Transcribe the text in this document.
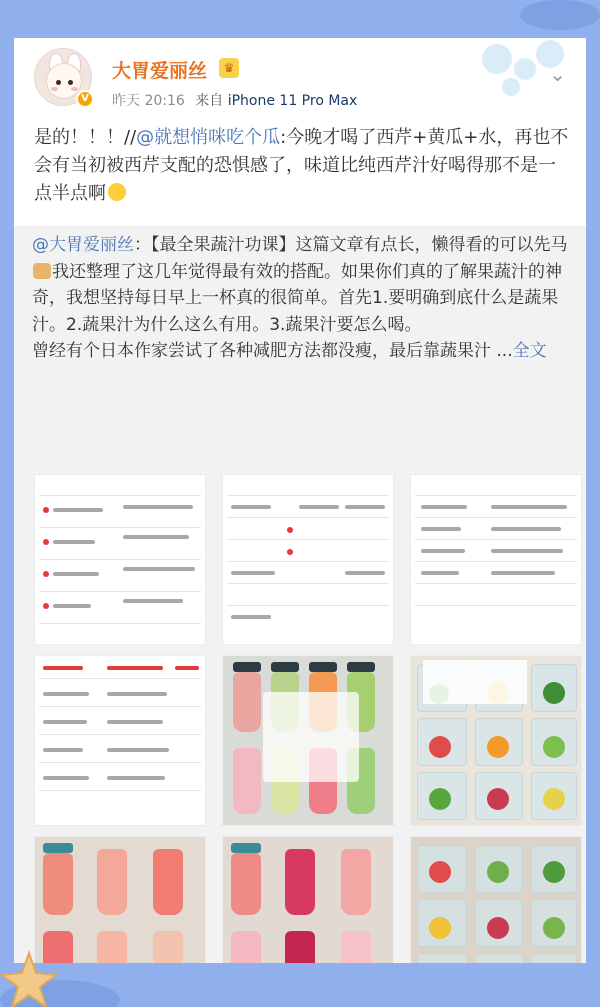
V
大胃爱丽丝	♛
昨天 20:16 来自 iPhone 11 Pro Max
⌄
是的！！！//@就想悄咪吃个瓜:今晚才喝了西芹+黄瓜+水，再也不会有当初被西芹支配的恐惧感了，味道比纯西芹汁好喝得那不是一点半点啊
@大胃爱丽丝：【最全果蔬汁功课】这篇文章有点长，懒得看的可以先马我还整理了这几年觉得最有效的搭配。如果你们真的了解果蔬汁的神奇，我想坚持每日早上一杯真的很简单。首先1.要明确到底什么是蔬果汁。2.蔬果汁为什么这么有用。3.蔬果汁要怎么喝。
曾经有个日本作家尝试了各种减肥方法都没瘦，最后靠蔬果汁 ...全文
